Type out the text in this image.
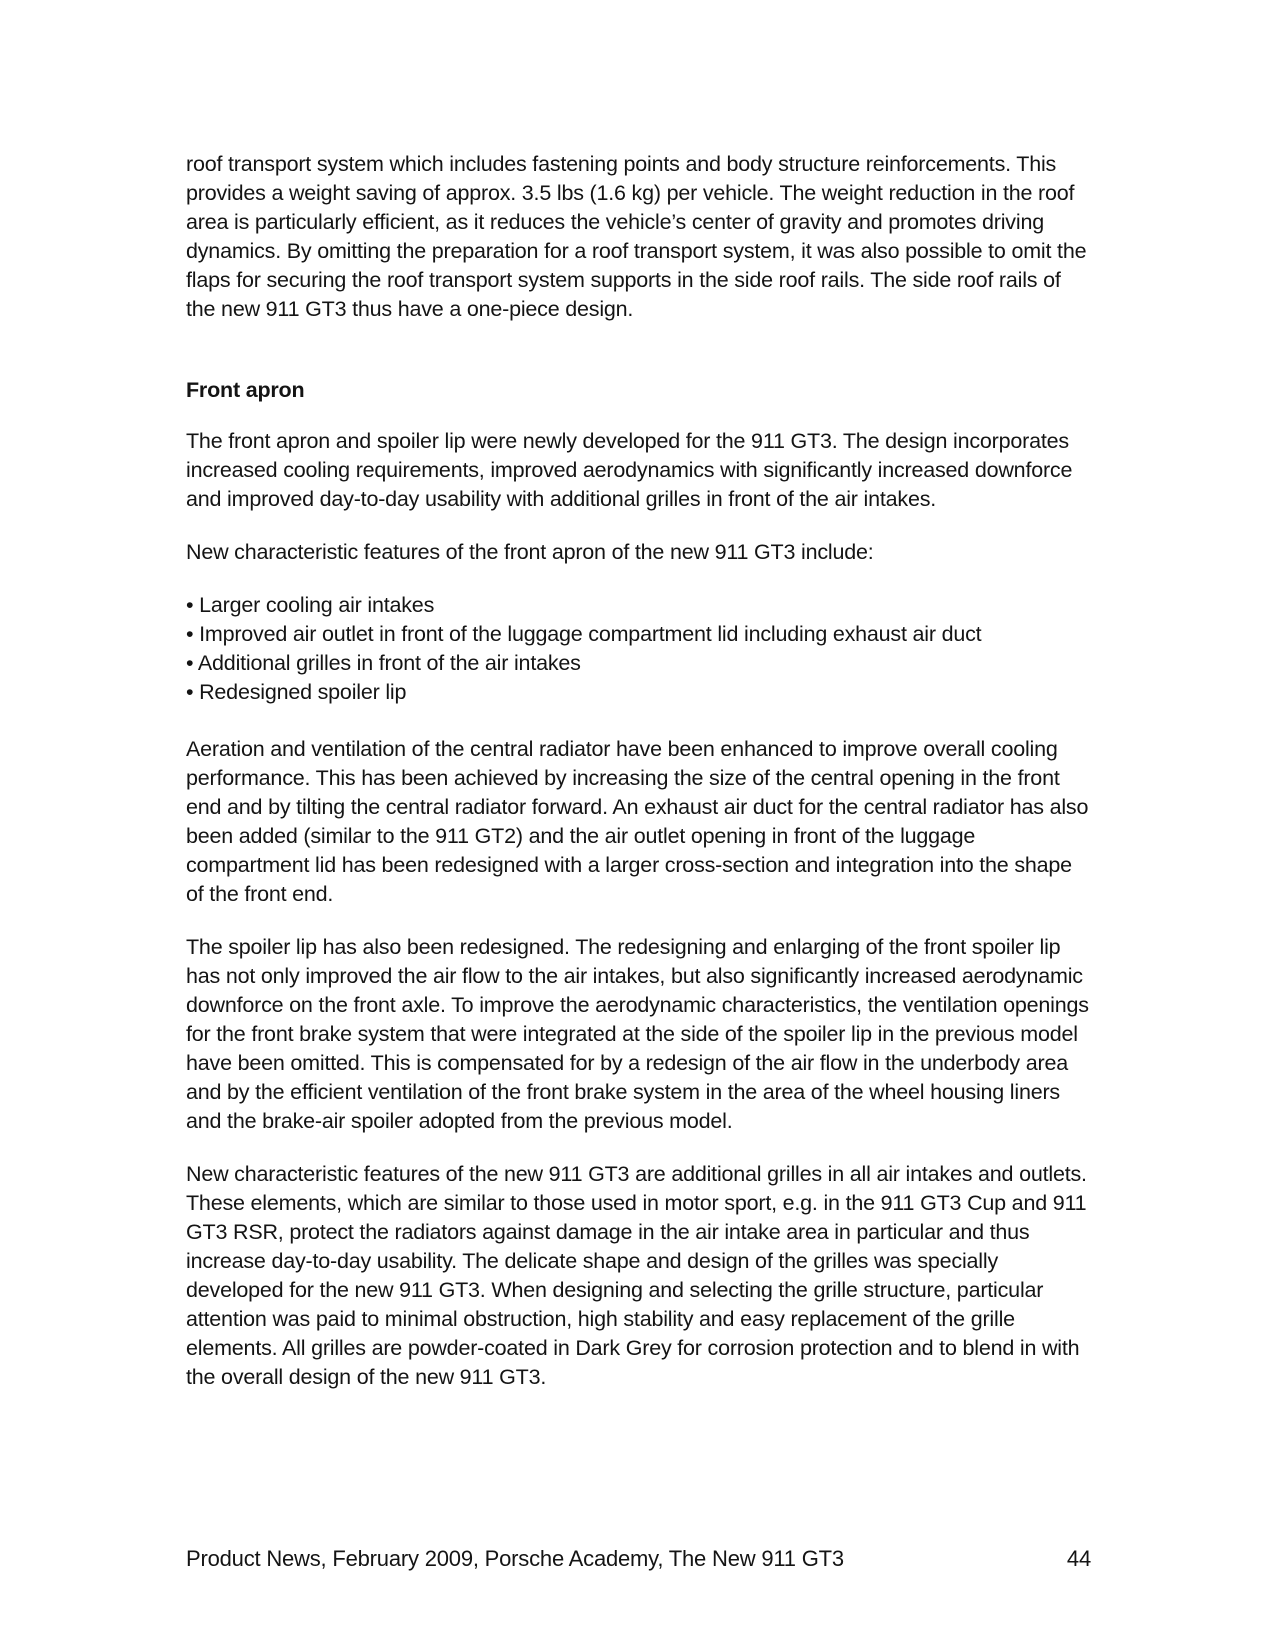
roof transport system which includes fastening points and body structure reinforcements. This provides a weight saving of approx. 3.5 lbs (1.6 kg) per vehicle. The weight reduction in the roof area is particularly efficient, as it reduces the vehicle’s center of gravity and promotes driving dynamics. By omitting the preparation for a roof transport system, it was also possible to omit the flaps for securing the roof transport system supports in the side roof rails. The side roof rails of the new 911 GT3 thus have a one-piece design.

Front apron

The front apron and spoiler lip were newly developed for the 911 GT3. The design incorporates increased cooling requirements, improved aerodynamics with significantly increased downforce and improved day-to-day usability with additional grilles in front of the air intakes.

New characteristic features of the front apron of the new 911 GT3 include:

• Larger cooling air intakes
• Improved air outlet in front of the luggage compartment lid including exhaust air duct
• Additional grilles in front of the air intakes
• Redesigned spoiler lip

Aeration and ventilation of the central radiator have been enhanced to improve overall cooling performance. This has been achieved by increasing the size of the central opening in the front end and by tilting the central radiator forward. An exhaust air duct for the central radiator has also been added (similar to the 911 GT2) and the air outlet opening in front of the luggage compartment lid has been redesigned with a larger cross-section and integration into the shape of the front end.

The spoiler lip has also been redesigned. The redesigning and enlarging of the front spoiler lip has not only improved the air flow to the air intakes, but also significantly increased aerodynamic downforce on the front axle. To improve the aerodynamic characteristics, the ventilation openings for the front brake system that were integrated at the side of the spoiler lip in the previous model have been omitted. This is compensated for by a redesign of the air flow in the underbody area and by the efficient ventilation of the front brake system in the area of the wheel housing liners and the brake-air spoiler adopted from the previous model.

New characteristic features of the new 911 GT3 are additional grilles in all air intakes and outlets. These elements, which are similar to those used in motor sport, e.g. in the 911 GT3 Cup and 911 GT3 RSR, protect the radiators against damage in the air intake area in particular and thus increase day-to-day usability. The delicate shape and design of the grilles was specially developed for the new 911 GT3. When designing and selecting the grille structure, particular attention was paid to minimal obstruction, high stability and easy replacement of the grille elements. All grilles are powder-coated in Dark Grey for corrosion protection and to blend in with the overall design of the new 911 GT3.

Product News, February 2009, Porsche Academy, The New 911 GT3	44
